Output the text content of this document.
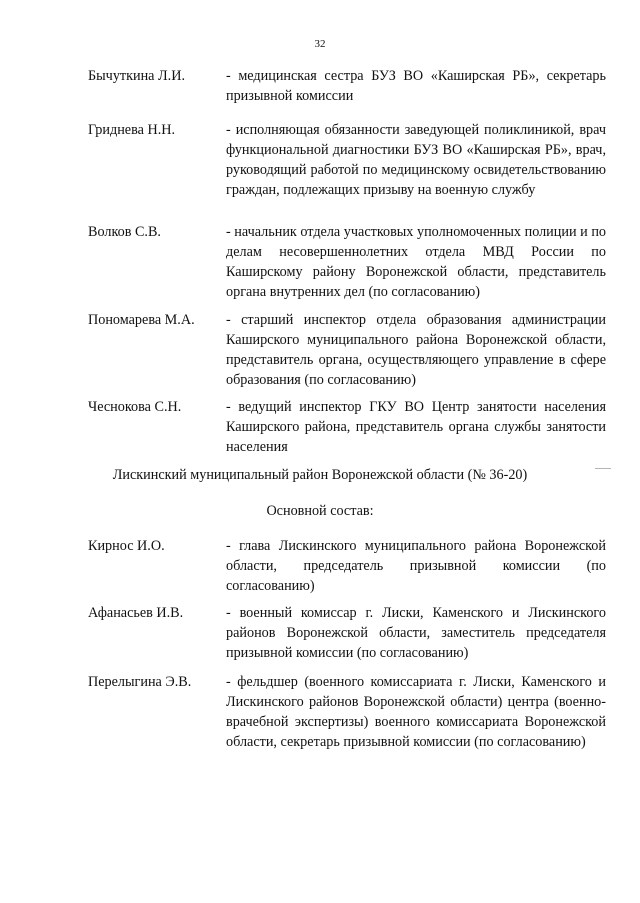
32
Бычуткина Л.И.	- медицинская сестра БУЗ ВО «Каширская РБ», секретарь призывной комиссии
Гриднева Н.Н.	- исполняющая обязанности заведующей поликлиникой, врач функциональной диагностики БУЗ ВО «Каширская РБ», врач, руководящий работой по медицинскому освидетельствованию граждан, подлежащих призыву на военную службу
Волков С.В.	- начальник отдела участковых уполномоченных полиции и по делам несовершеннолетних отдела МВД России по Каширскому району Воронежской области, представитель органа внутренних дел (по согласованию)
Пономарева М.А. - старший инспектор отдела образования администрации Каширского муниципального района Воронежской области, представитель органа, осуществляющего управление в сфере образования (по согласованию)
Чеснокова С.Н.	- ведущий инспектор ГКУ ВО Центр занятости населения Каширского района, представитель органа службы занятости населения
Лискинский муниципальный район Воронежской области (№ 36-20)
Основной состав:
Кирнос И.О.	- глава Лискинского муниципального района Воронежской области, председатель призывной комиссии (по согласованию)
Афанасьев И.В.	- военный комиссар г. Лиски, Каменского и Лискинского районов Воронежской области, заместитель председателя призывной комиссии (по согласованию)
Перелыгина Э.В. - фельдшер (военного комиссариата г. Лиски, Каменского и Лискинского районов Воронежской области) центра (военно-врачебной экспертизы) военного комиссариата Воронежской области, секретарь призывной комиссии (по согласованию)
